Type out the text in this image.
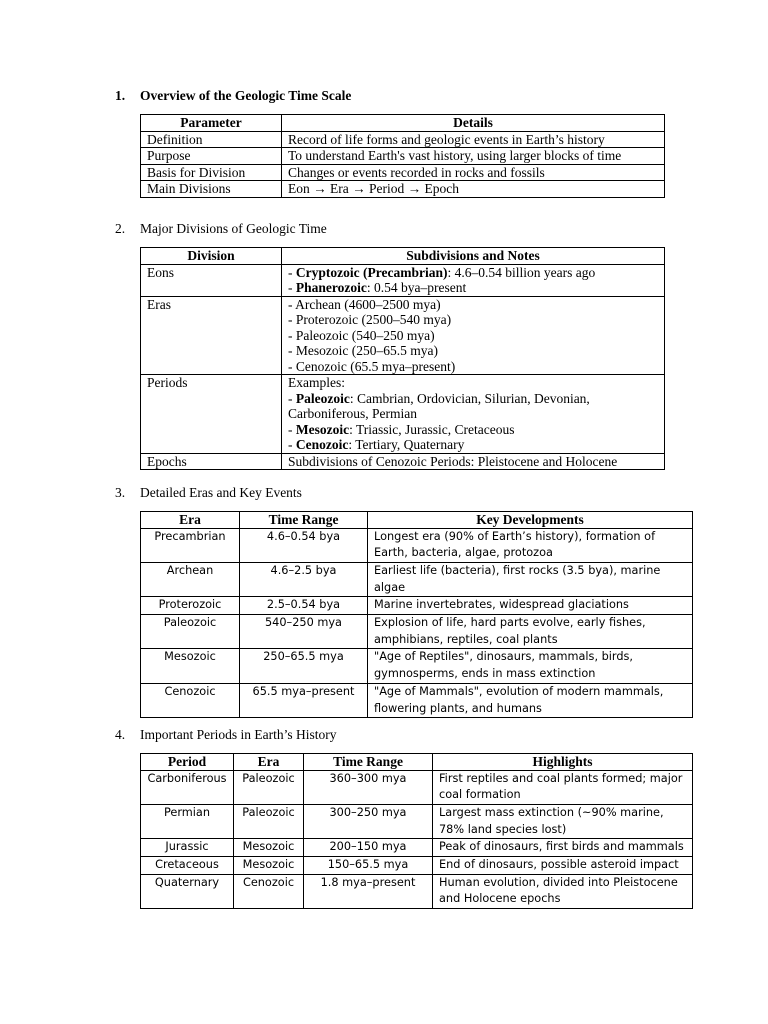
1. Overview of the Geologic Time Scale
Parameter	Details
Definition	Record of life forms and geologic events in Earth’s history
Purpose	To understand Earth's vast history, using larger blocks of time
Basis for Division	Changes or events recorded in rocks and fossils
Main Divisions	Eon → Era → Period → Epoch
2. Major Divisions of Geologic Time
Division	Subdivisions and Notes
Eons	- Cryptozoic (Precambrian): 4.6–0.54 billion years ago
- Phanerozoic: 0.54 bya–present

Eras	- Archean (4600–2500 mya)
- Proterozoic (2500–540 mya)
- Paleozoic (540–250 mya)
- Mesozoic (250–65.5 mya)
- Cenozoic (65.5 mya–present)

Periods	Examples:
- Paleozoic: Cambrian, Ordovician, Silurian, Devonian,
Carboniferous, Permian
- Mesozoic: Triassic, Jurassic, Cretaceous
- Cenozoic: Tertiary, Quaternary

Epochs	Subdivisions of Cenozoic Periods: Pleistocene and Holocene
3. Detailed Eras and Key Events
Era	Time Range	Key Developments
Precambrian	4.6–0.54 bya	Longest era (90% of Earth’s history), formation of Earth, bacteria, algae, protozoa
Archean	4.6–2.5 bya	Earliest life (bacteria), first rocks (3.5 bya), marine algae
Proterozoic	2.5–0.54 bya	Marine invertebrates, widespread glaciations
Paleozoic	540–250 mya	Explosion of life, hard parts evolve, early fishes, amphibians, reptiles, coal plants
Mesozoic	250–65.5 mya	"Age of Reptiles", dinosaurs, mammals, birds, gymnosperms, ends in mass extinction
Cenozoic	65.5 mya–present	"Age of Mammals", evolution of modern mammals, flowering plants, and humans
4. Important Periods in Earth’s History
Period	Era	Time Range	Highlights
Carboniferous	Paleozoic	360–300 mya	First reptiles and coal plants formed; major coal formation
Permian	Paleozoic	300–250 mya	Largest mass extinction (~90% marine, 78% land species lost)
Jurassic	Mesozoic	200–150 mya	Peak of dinosaurs, first birds and mammals
Cretaceous	Mesozoic	150–65.5 mya	End of dinosaurs, possible asteroid impact
Quaternary	Cenozoic	1.8 mya–present	Human evolution, divided into Pleistocene and Holocene epochs
